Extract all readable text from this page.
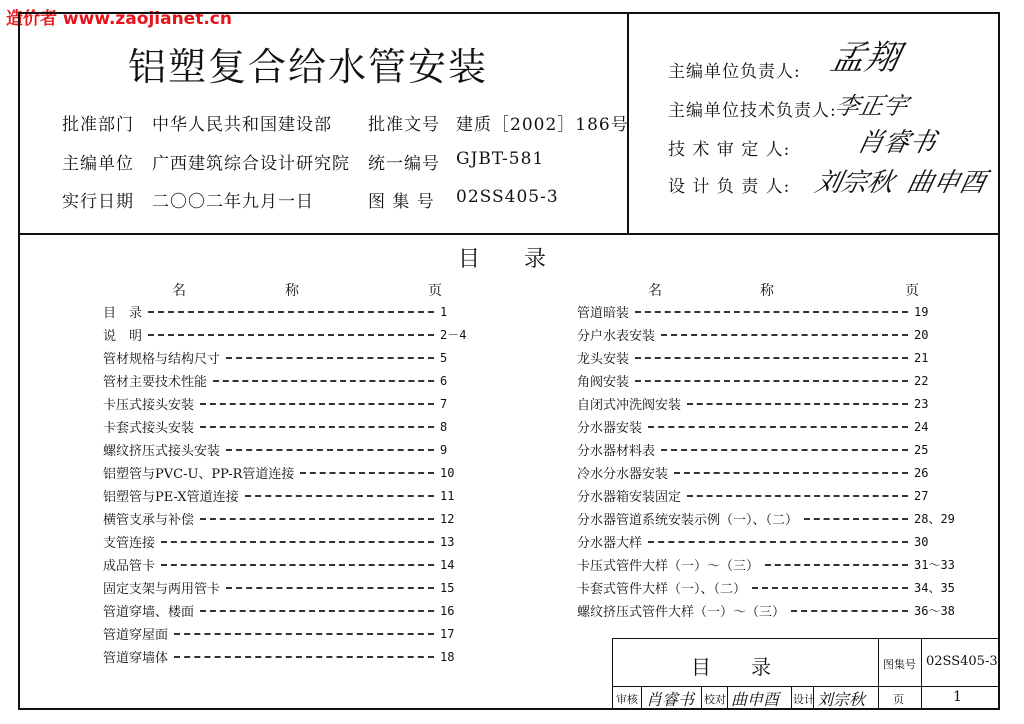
造价者 www.zaojianet.cn
铝塑复合给水管安装
批准部门 中华人民共和国建设部 批准文号 建质［2002］186号
主编单位 广西建筑综合设计研究院 统一编号 GJBT-581
实行日期 二〇〇二年九月一日	图 集 号 02SS405-3
主编单位负责人: 孟翔
主编单位技术负责人:
李正宇
技 术 审 定 人: 肖睿书
设 计 负 责 人: 刘宗秋 曲申酉
目　　录
名	称	页	名	称	页
目　录	1
说　明	2－4
管材规格与结构尺寸	5
管材主要技术性能	6
卡压式接头安装	7
卡套式接头安装	8
螺纹挤压式接头安装	9
铝塑管与PVC-U、PP-R管道连接	10
铝塑管与PE-X管道连接	11
横管支承与补偿	12
支管连接	13
成品管卡	14
固定支架与两用管卡	15
管道穿墙、楼面	16
管道穿屋面	17
管道穿墙体	18
管道暗装	19
分户水表安装	20
龙头安装	21
角阀安装	22
自闭式冲洗阀安装	23
分水器安装	24
分水器材料表	25
冷水分水器安装	26
分水器箱安装固定	27
分水器管道系统安装示例（一）、（二）	28、29
分水器大样	30
卡压式管件大样（一）～（三）	31～33
卡套式管件大样（一）、（二）	34、35
螺纹挤压式管件大样（一）～（三）	36～38
目　　录	图集号 02SS405-3
审核 肖睿书 校对 曲申酉 设计 刘宗秋	页	1
